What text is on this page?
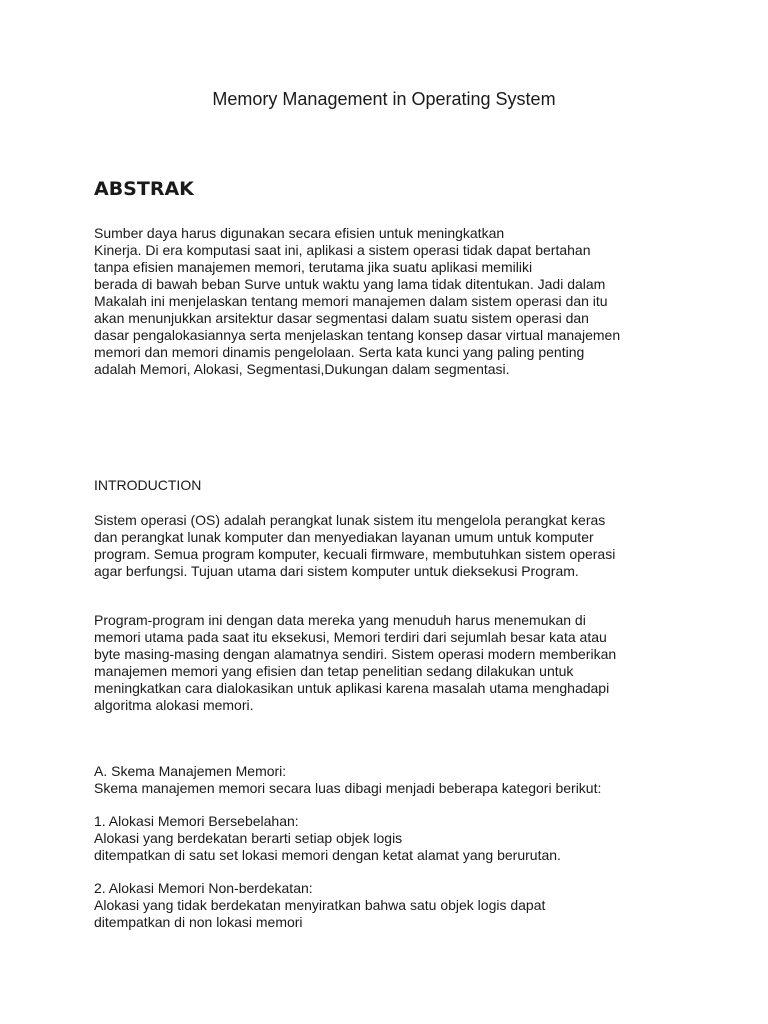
Memory Management in Operating System
ABSTRAK
Sumber daya harus digunakan secara efisien untuk meningkatkan
Kinerja. Di era komputasi saat ini, aplikasi a sistem operasi tidak dapat bertahan
tanpa efisien manajemen memori, terutama jika suatu aplikasi memiliki
berada di bawah beban Surve untuk waktu yang lama tidak ditentukan. Jadi dalam
Makalah ini menjelaskan tentang memori manajemen dalam sistem operasi dan itu
akan menunjukkan arsitektur dasar segmentasi dalam suatu sistem operasi dan
dasar pengalokasiannya serta menjelaskan tentang konsep dasar virtual manajemen
memori dan memori dinamis pengelolaan. Serta kata kunci yang paling penting
adalah Memori, Alokasi, Segmentasi,Dukungan dalam segmentasi.
INTRODUCTION
Sistem operasi (OS) adalah perangkat lunak sistem itu mengelola perangkat keras
dan perangkat lunak komputer dan menyediakan layanan umum untuk komputer
program. Semua program komputer, kecuali firmware, membutuhkan sistem operasi
agar berfungsi. Tujuan utama dari sistem komputer untuk dieksekusi Program.
Program-program ini dengan data mereka yang menuduh harus menemukan di
memori utama pada saat itu eksekusi, Memori terdiri dari sejumlah besar kata atau
byte masing-masing dengan alamatnya sendiri. Sistem operasi modern memberikan
manajemen memori yang efisien dan tetap penelitian sedang dilakukan untuk
meningkatkan cara dialokasikan untuk aplikasi karena masalah utama menghadapi
algoritma alokasi memori.
A. Skema Manajemen Memori:
Skema manajemen memori secara luas dibagi menjadi beberapa kategori berikut:
1. Alokasi Memori Bersebelahan:
Alokasi yang berdekatan berarti setiap objek logis
ditempatkan di satu set lokasi memori dengan ketat alamat yang berurutan.
2. Alokasi Memori Non-berdekatan:
Alokasi yang tidak berdekatan menyiratkan bahwa satu objek logis dapat
ditempatkan di non lokasi memori
